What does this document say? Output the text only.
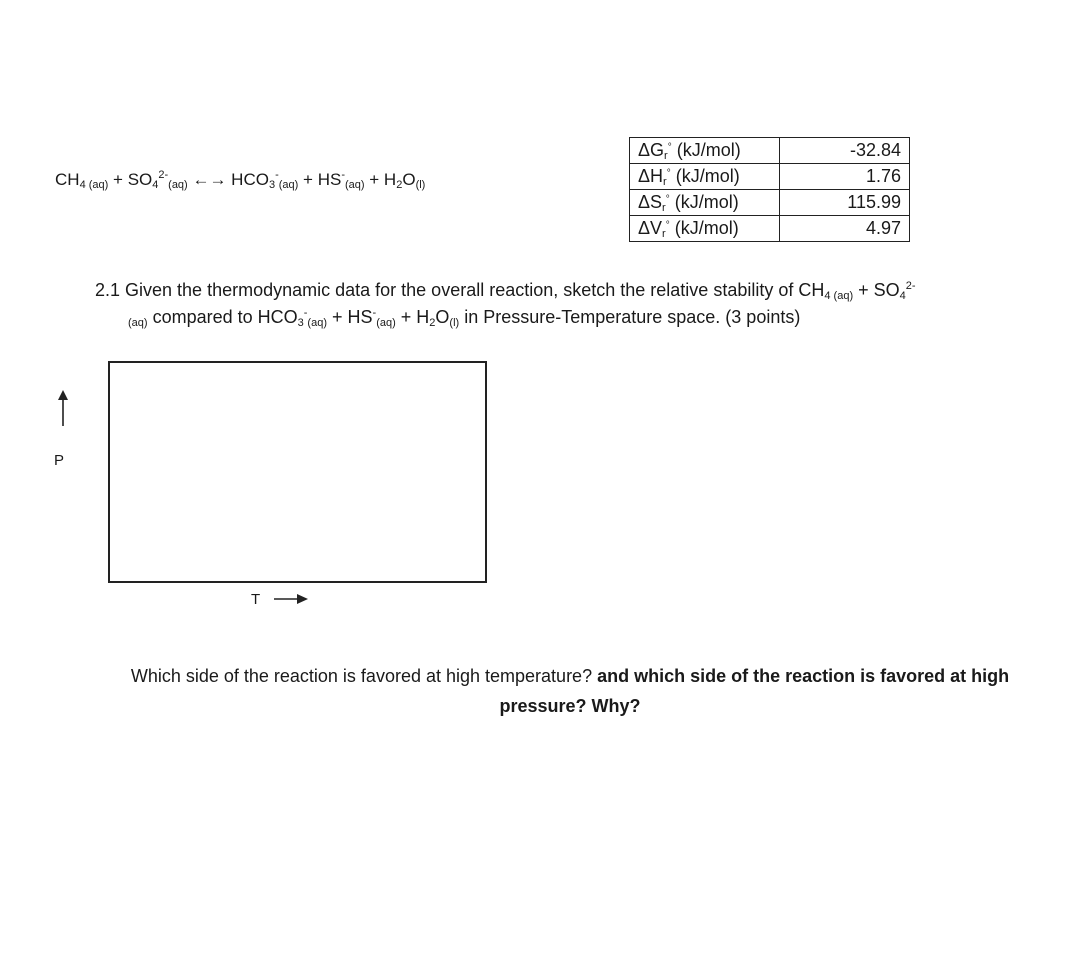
$CH_4$ $_{(aq)} + SO_4^{2-}_{(aq)}$ ←→ $HCO_3^-_{(aq)} + HS^-_{(aq)} + H_2O_{(l)}$
$\Delta G_r^\circ$ (kJ/mol)	-32.84
$\Delta H_r^\circ$ (kJ/mol)	1.76
$\Delta S_r^\circ$ (kJ/mol)	115.99
$\Delta V_r^\circ$ (kJ/mol)	4.97
2.1 Given the thermodynamic data for the overall reaction, sketch the relative stability of $CH_4$ $_{(aq)} + SO_4^{2-}$
$_{(aq)}$ compared to $HCO_3^-_{(aq)} + HS^-_{(aq)} + H_2O_{(l)}$ in Pressure-Temperature space. (3 points)
P
T
Which side of the reaction is favored at high temperature? and which side of the reaction is favored at high pressure? Why?
